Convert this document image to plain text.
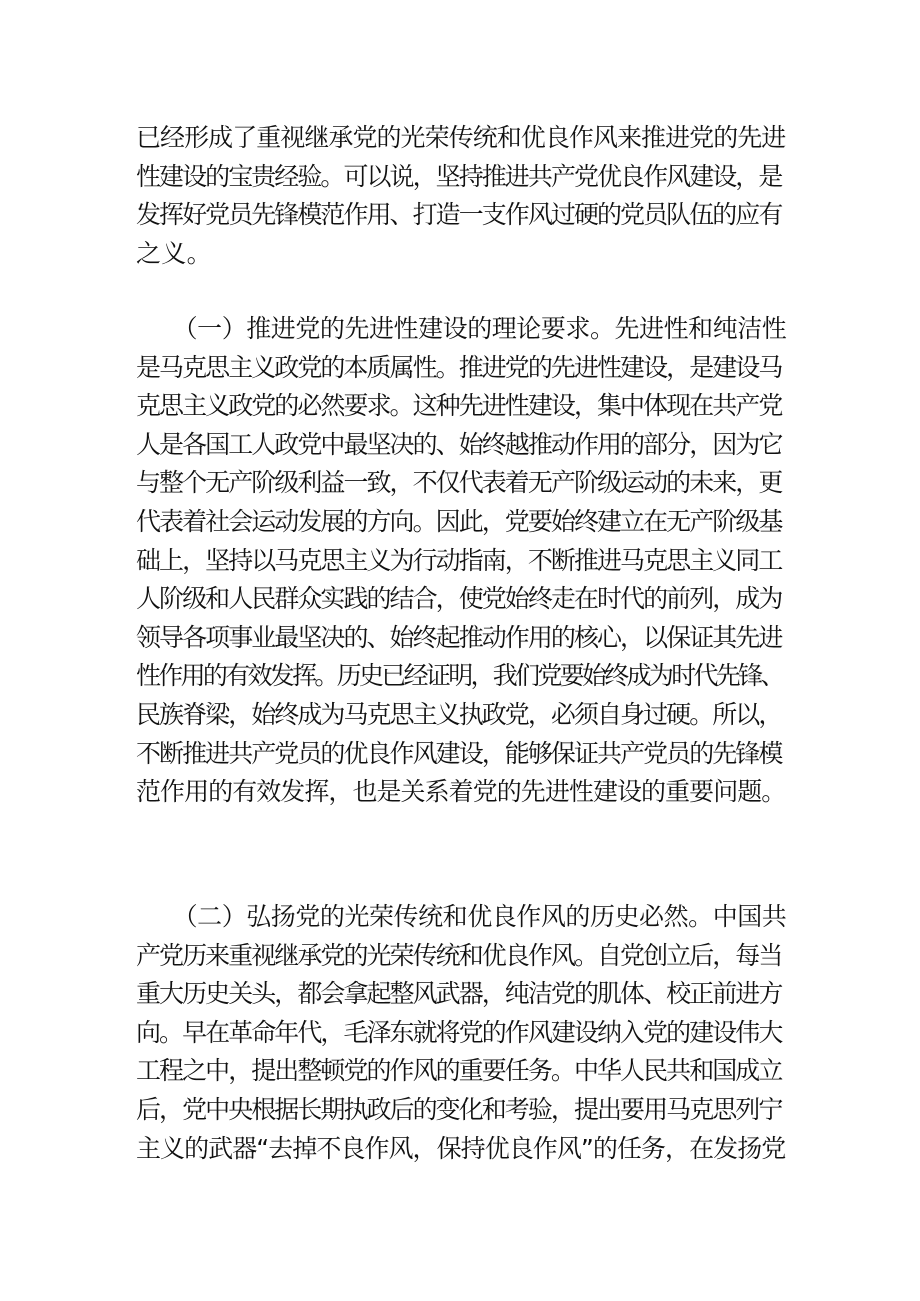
已经形成了重视继承党的光荣传统和优良作风来推进党的先进
性建设的宝贵经验。可以说，坚持推进共产党优良作风建设，是
发挥好党员先锋模范作用、打造一支作风过硬的党员队伍的应有
之义。
　　（一）推进党的先进性建设的理论要求。先进性和纯洁性
是马克思主义政党的本质属性。推进党的先进性建设，是建设马
克思主义政党的必然要求。这种先进性建设，集中体现在共产党
人是各国工人政党中最坚决的、始终越推动作用的部分，因为它
与整个无产阶级利益一致，不仅代表着无产阶级运动的未来，更
代表着社会运动发展的方向。因此，党要始终建立在无产阶级基
础上，坚持以马克思主义为行动指南，不断推进马克思主义同工
人阶级和人民群众实践的结合，使党始终走在时代的前列，成为
领导各项事业最坚决的、始终起推动作用的核心，以保证其先进
性作用的有效发挥。历史已经证明，我们党要始终成为时代先锋、
民族脊梁，始终成为马克思主义执政党，必须自身过硬。所以，
不断推进共产党员的优良作风建设，能够保证共产党员的先锋模
范作用的有效发挥，也是关系着党的先进性建设的重要问题。
　　（二）弘扬党的光荣传统和优良作风的历史必然。中国共
产党历来重视继承党的光荣传统和优良作风。自党创立后，每当
重大历史关头，都会拿起整风武器，纯洁党的肌体、校正前进方
向。早在革命年代，毛泽东就将党的作风建设纳入党的建设伟大
工程之中，提出整顿党的作风的重要任务。中华人民共和国成立
后，党中央根据长期执政后的变化和考验，提出要用马克思列宁
主义的武器“去掉不良作风，保持优良作风”的任务，在发扬党
